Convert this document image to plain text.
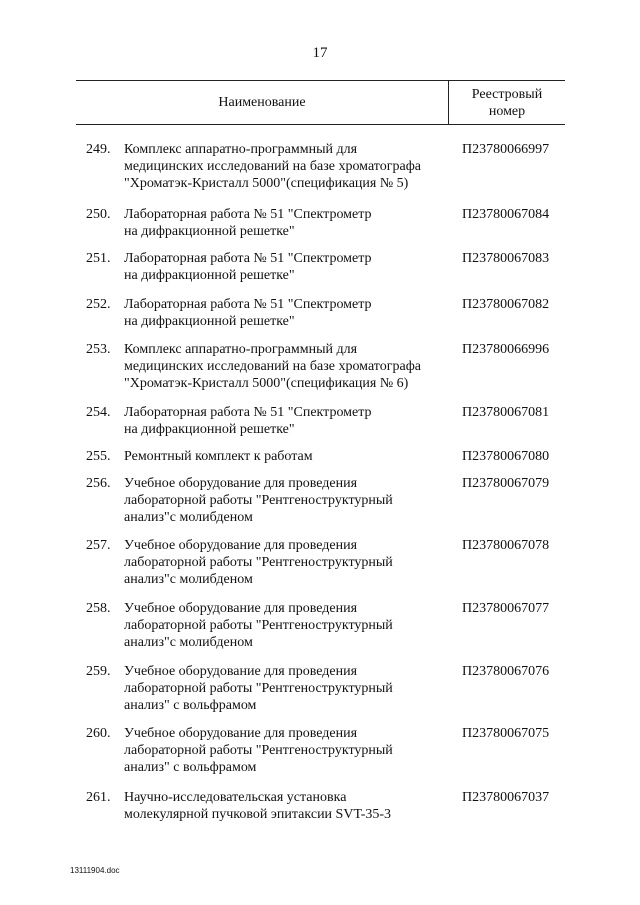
17
Наименование
Реестровый
номер
249. Комплекс аппаратно-программный для
медицинских исследований на базе хроматографа
"Хроматэк-Кристалл 5000"(спецификация № 5)
П23780066997
250. Лабораторная работа № 51 "Спектрометр
на дифракционной решетке"
П23780067084
251. Лабораторная работа № 51 "Спектрометр
на дифракционной решетке"
П23780067083
252. Лабораторная работа № 51 "Спектрометр
на дифракционной решетке"
П23780067082
253. Комплекс аппаратно-программный для
медицинских исследований на базе хроматографа
"Хроматэк-Кристалл 5000"(спецификация № 6)
П23780066996
254. Лабораторная работа № 51 "Спектрометр
на дифракционной решетке"
П23780067081
255. Ремонтный комплект к работам	П23780067080
256. Учебное оборудование для проведения
лабораторной работы "Рентгеноструктурный
анализ"с молибденом
П23780067079
257. Учебное оборудование для проведения
лабораторной работы "Рентгеноструктурный
анализ"с молибденом
П23780067078
258. Учебное оборудование для проведения
лабораторной работы "Рентгеноструктурный
анализ"с молибденом
П23780067077
259. Учебное оборудование для проведения
лабораторной работы "Рентгеноструктурный
анализ" с вольфрамом
П23780067076
260. Учебное оборудование для проведения
лабораторной работы "Рентгеноструктурный
анализ" с вольфрамом
П23780067075
261. Научно-исследовательская установка
молекулярной пучковой эпитаксии SVT-35-3
П23780067037
13111904.doc
